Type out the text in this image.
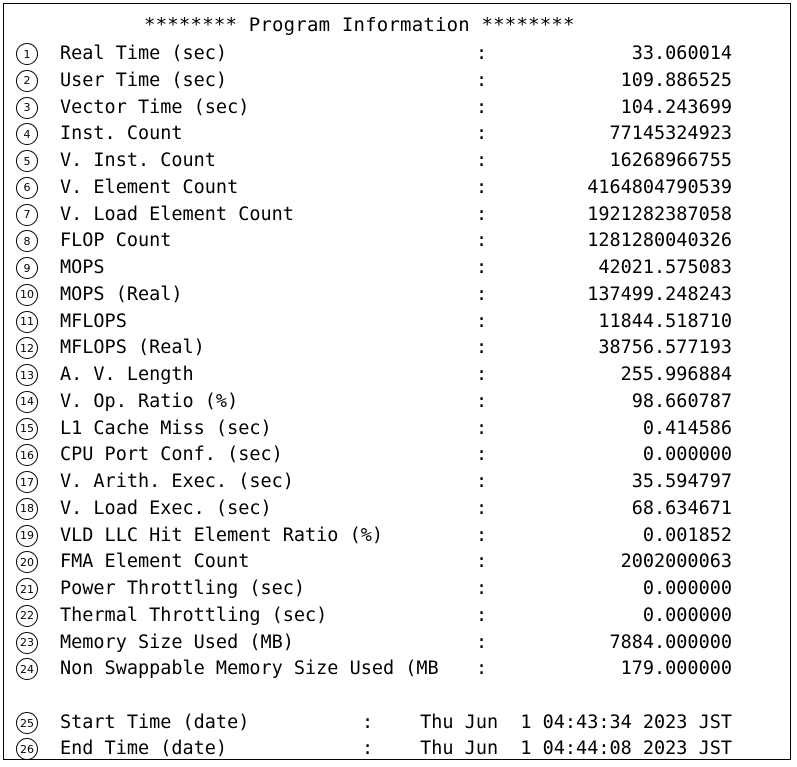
******** Program Information ********
1	Real Time (sec)	:	33.060014
2	User Time (sec)	:	109.886525
3	Vector Time (sec)	:	104.243699
4	Inst. Count	:	77145324923
5	V. Inst. Count	:	16268966755
6	V. Element Count	:	4164804790539
7	V. Load Element Count	:	1921282387058
8	FLOP Count	:	1281280040326
9	MOPS	:	42021.575083
10 MOPS (Real)	:	137499.248243
11 MFLOPS	:	11844.518710
12 MFLOPS (Real)	:	38756.577193
13 A. V. Length	:	255.996884
14 V. Op. Ratio (%)	:	98.660787
15 L1 Cache Miss (sec)	:	0.414586
16 CPU Port Conf. (sec)	:	0.000000
17 V. Arith. Exec. (sec)	:	35.594797
18 V. Load Exec. (sec)	:	68.634671
19 VLD LLC Hit Element Ratio (%)	:	0.001852
20 FMA Element Count	:	2002000063
21 Power Throttling (sec)	:	0.000000
22 Thermal Throttling (sec)	:	0.000000
23 Memory Size Used (MB)	:	7884.000000
24 Non Swappable Memory Size Used (MB :	179.000000
25 Start Time (date)	:	Thu Jun  1 04:43:34 2023 JST
26 End Time (date)	:	Thu Jun  1 04:44:08 2023 JST
